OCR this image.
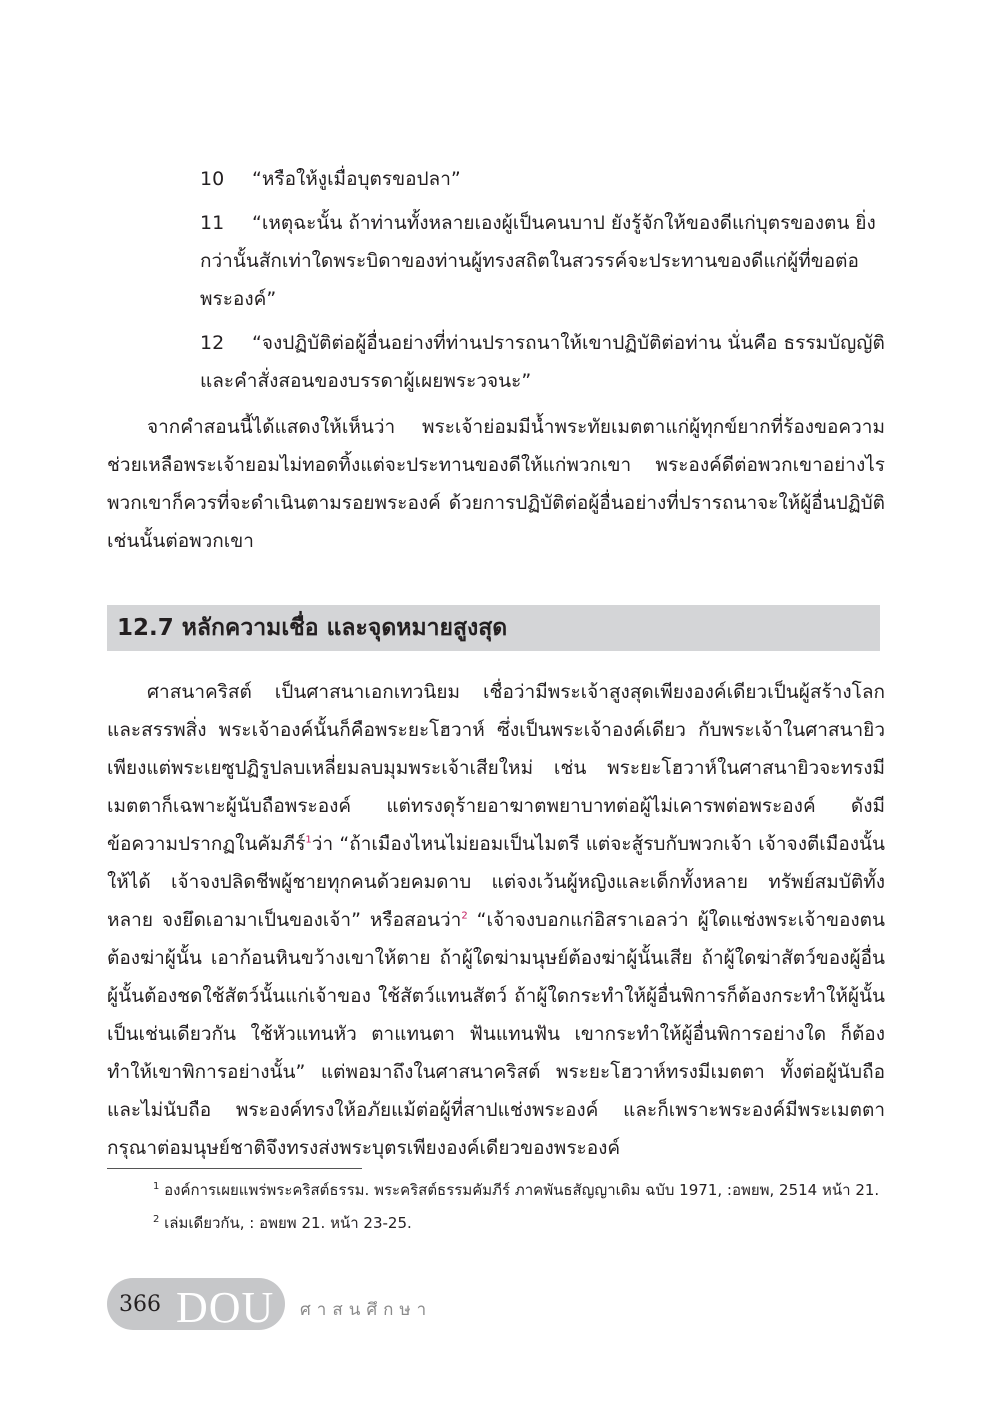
10 “หรือให้งูเมื่อบุตรขอปลา”
11 “เหตุฉะนั้น ถ้าท่านทั้งหลายเองผู้เป็นคนบาป ยังรู้จักให้ของดีแก่บุตรของตน ยิ่งกว่านั้นสักเท่าใดพระบิดาของท่านผู้ทรงสถิตในสวรรค์จะประทานของดีแก่ผู้ที่ขอต่อพระองค์”
12 “จงปฏิบัติต่อผู้อื่นอย่างที่ท่านปรารถนาให้เขาปฏิบัติต่อท่าน นั่นคือ ธรรมบัญญัติ และคำสั่งสอนของบรรดาผู้เผยพระวจนะ”

จากคำสอนนี้ได้แสดงให้เห็นว่า พระเจ้าย่อมมีน้ำพระทัยเมตตาแก่ผู้ทุกข์ยากที่ร้องขอความช่วยเหลือพระเจ้ายอมไม่ทอดทิ้งแต่จะประทานของดีให้แก่พวกเขา พระองค์ดีต่อพวกเขาอย่างไร พวกเขาก็ควรที่จะดำเนินตามรอยพระองค์ ด้วยการปฏิบัติต่อผู้อื่นอย่างที่ปรารถนาจะให้ผู้อื่นปฏิบัติ เช่นนั้นต่อพวกเขา

12.7 หลักความเชื่อ และจุดหมายสูงสุด

ศาสนาคริสต์ เป็นศาสนาเอกเทวนิยม เชื่อว่ามีพระเจ้าสูงสุดเพียงองค์เดียวเป็นผู้สร้างโลกและสรรพสิ่ง พระเจ้าองค์นั้นก็คือพระยะโฮวาห์ ซึ่งเป็นพระเจ้าองค์เดียว กับพระเจ้าในศาสนายิว เพียงแต่พระเยซูปฏิรูปลบเหลี่ยมลบมุมพระเจ้าเสียใหม่ เช่น พระยะโฮวาห์ในศาสนายิวจะทรงมีเมตตาก็เฉพาะผู้นับถือพระองค์ แต่ทรงดุร้ายอาฆาตพยาบาทต่อผู้ไม่เคารพต่อพระองค์ ดังมีข้อความปรากฏในคัมภีร์$^1$ว่า “ถ้าเมืองไหนไม่ยอมเป็นไมตรี แต่จะสู้รบกับพวกเจ้า เจ้าจงตีเมืองนั้นให้ได้ เจ้าจงปลิดชีพผู้ชายทุกคนด้วยคมดาบ แต่จงเว้นผู้หญิงและเด็กทั้งหลาย ทรัพย์สมบัติทั้งหลาย จงยึดเอามาเป็นของเจ้า” หรือสอนว่า$^2$ “เจ้าจงบอกแก่อิสราเอลว่า ผู้ใดแช่งพระเจ้าของตน ต้องฆ่าผู้นั้น เอาก้อนหินขว้างเขาให้ตาย ถ้าผู้ใดฆ่ามนุษย์ต้องฆ่าผู้นั้นเสีย ถ้าผู้ใดฆ่าสัตว์ของผู้อื่น ผู้นั้นต้องชดใช้สัตว์นั้นแก่เจ้าของ ใช้สัตว์แทนสัตว์ ถ้าผู้ใดกระทำให้ผู้อื่นพิการก็ต้องกระทำให้ผู้นั้นเป็นเช่นเดียวกัน ใช้หัวแทนหัว ตาแทนตา ฟันแทนฟัน เขากระทำให้ผู้อื่นพิการอย่างใด ก็ต้องทำให้เขาพิการอย่างนั้น” แต่พอมาถึงในศาสนาคริสต์ พระยะโฮวาห์ทรงมีเมตตา ทั้งต่อผู้นับถือและไม่นับถือ พระองค์ทรงให้อภัยแม้ต่อผู้ที่สาปแช่งพระองค์ และก็เพราะพระองค์มีพระเมตตากรุณาต่อมนุษย์ชาติจึงทรงส่งพระบุตรเพียงองค์เดียวของพระองค์

$^1$ องค์การเผยแพร่พระคริสต์ธรรม. พระคริสต์ธรรมคัมภีร์ ภาคพันธสัญญาเดิม ฉบับ 1971, :อพยพ, 2514 หน้า 21.

$^2$ เล่มเดียวกัน, : อพยพ 21. หน้า 23-25.

366 DOU ศาสนศึกษา
